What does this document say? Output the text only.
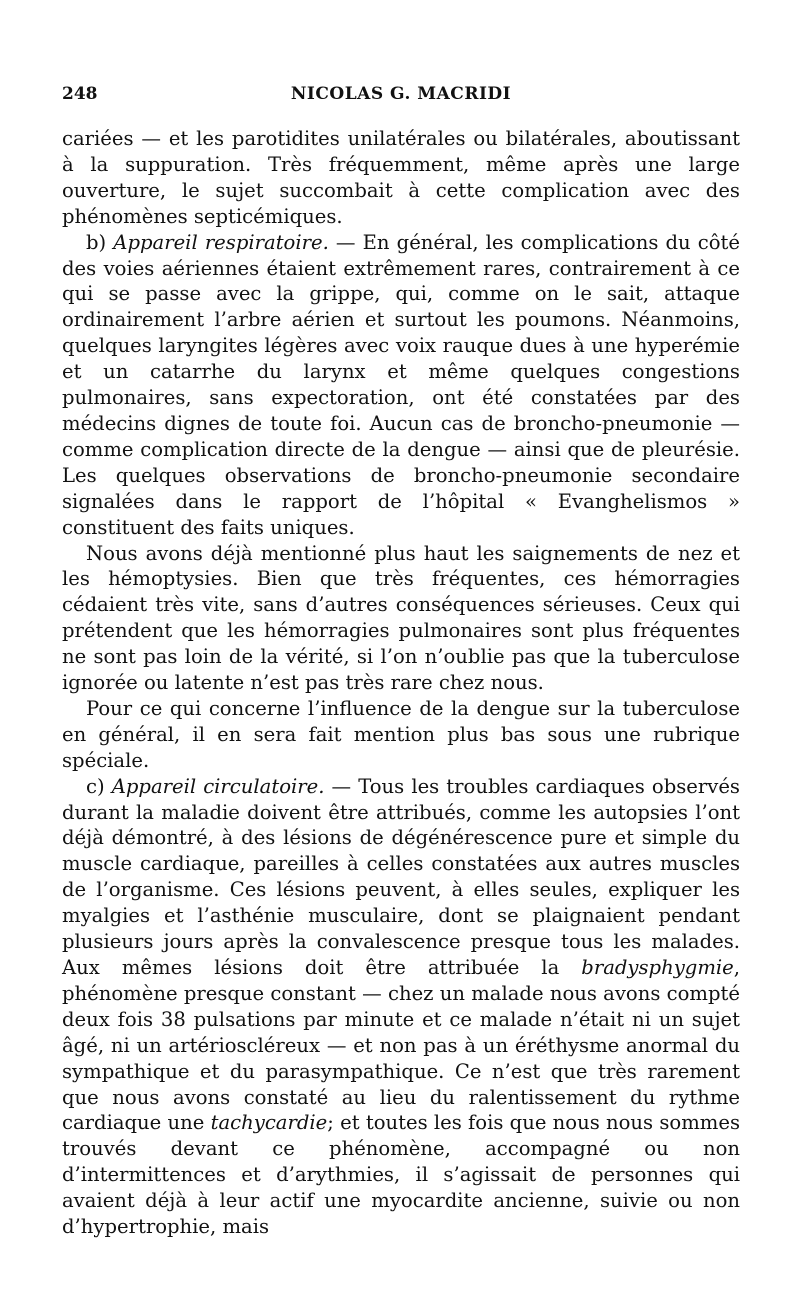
248	NICOLAS G. MACRIDI

cariées — et les parotidites unilatérales ou bilatérales, aboutissant à la suppuration. Très fréquemment, même après une large ouverture, le sujet succombait à cette complication avec des phénomènes septicémiques.

b) Appareil respiratoire. — En général, les complications du côté des voies aériennes étaient extrêmement rares, contrairement à ce qui se passe avec la grippe, qui, comme on le sait, attaque ordinairement l’arbre aérien et surtout les poumons. Néanmoins, quelques laryngites légères avec voix rauque dues à une hyperémie et un catarrhe du larynx et même quelques congestions pulmonaires, sans expectoration, ont été constatées par des médecins dignes de toute foi. Aucun cas de broncho-pneumonie — comme complication directe de la dengue — ainsi que de pleurésie. Les quelques observations de broncho-pneumonie secondaire signalées dans le rapport de l’hôpital « Evanghelismos » constituent des faits uniques.

Nous avons déjà mentionné plus haut les saignements de nez et les hémoptysies. Bien que très fréquentes, ces hémorragies cédaient très vite, sans d’autres conséquences sérieuses. Ceux qui prétendent que les hémorragies pulmonaires sont plus fréquentes ne sont pas loin de la vérité, si l’on n’oublie pas que la tuberculose ignorée ou latente n’est pas très rare chez nous.

Pour ce qui concerne l’influence de la dengue sur la tuberculose en général, il en sera fait mention plus bas sous une rubrique spéciale.

c) Appareil circulatoire. — Tous les troubles cardiaques observés durant la maladie doivent être attribués, comme les autopsies l’ont déjà démontré, à des lésions de dégénérescence pure et simple du muscle cardiaque, pareilles à celles constatées aux autres muscles de l’organisme. Ces lésions peuvent, à elles seules, expliquer les myalgies et l’asthénie musculaire, dont se plaignaient pendant plusieurs jours après la convalescence presque tous les malades. Aux mêmes lésions doit être attribuée la bradysphygmie, phénomène presque constant — chez un malade nous avons compté deux fois 38 pulsations par minute et ce malade n’était ni un sujet âgé, ni un artérioscléreux — et non pas à un éréthysme anormal du sympathique et du parasympathique. Ce n’est que très rarement que nous avons constaté au lieu du ralentissement du rythme cardiaque une tachycardie; et toutes les fois que nous nous sommes trouvés devant ce phénomène, accompagné ou non d’intermittences et d’arythmies, il s’agissait de personnes qui avaient déjà à leur actif une myocardite ancienne, suivie ou non d’hypertrophie, mais
